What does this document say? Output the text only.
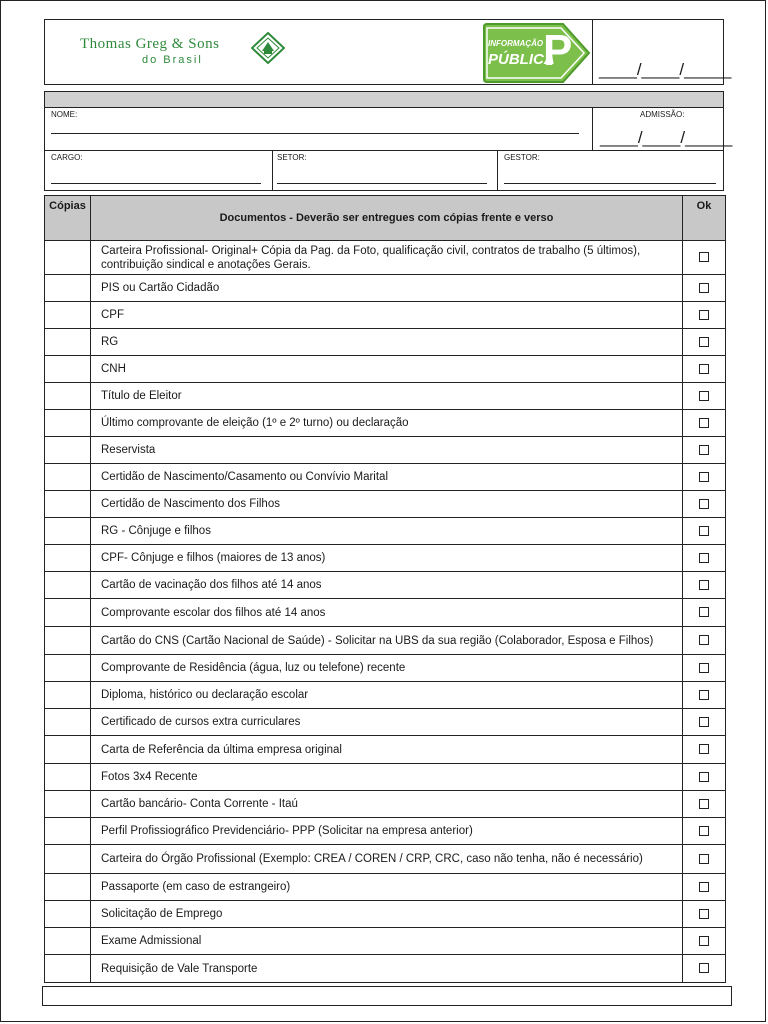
Thomas Greg & Sons
do Brasil
INFORMAÇÃO
PÚBLICA
P ____/____/_____
NOME:	ADMISSÃO:
____/____/_____
CARGO:	SETOR:	GESTOR:
Cópias	Documentos - Deverão ser entregues com cópias frente e verso	Ok
	Carteira Profissional- Original+ Cópia da Pag. da Foto, qualificação civil, contratos de trabalho (5 últimos), contribuição sindical e anotações Gerais.	
	PIS ou Cartão Cidadão	
	CPF	
	RG	
	CNH	
	Título de Eleitor	
	Último comprovante de eleição (1º e 2º turno) ou declaração	
	Reservista	
	Certidão de Nascimento/Casamento ou Convívio Marital	
	Certidão de Nascimento dos Filhos	
	RG - Cônjuge e filhos	
	CPF- Cônjuge e filhos (maiores de 13 anos)	
	Cartão de vacinação dos filhos até 14 anos	
	Comprovante escolar dos filhos até 14 anos	
	Cartão do CNS (Cartão Nacional de Saúde) - Solicitar na UBS da sua região (Colaborador, Esposa e Filhos)	
	Comprovante de Residência (água, luz ou telefone) recente	
	Diploma, histórico ou declaração escolar	
	Certificado de cursos extra curriculares	
	Carta de Referência da última empresa original	
	Fotos 3x4 Recente	
	Cartão bancário- Conta Corrente - Itaú	
	Perfil Profissiográfico Previdenciário- PPP (Solicitar na empresa anterior)	
	Carteira do Órgão Profissional (Exemplo: CREA / COREN / CRP, CRC, caso não tenha, não é necessário)	
	Passaporte (em caso de estrangeiro)	
	Solicitação de Emprego	
	Exame Admissional	
	Requisição de Vale Transporte	
